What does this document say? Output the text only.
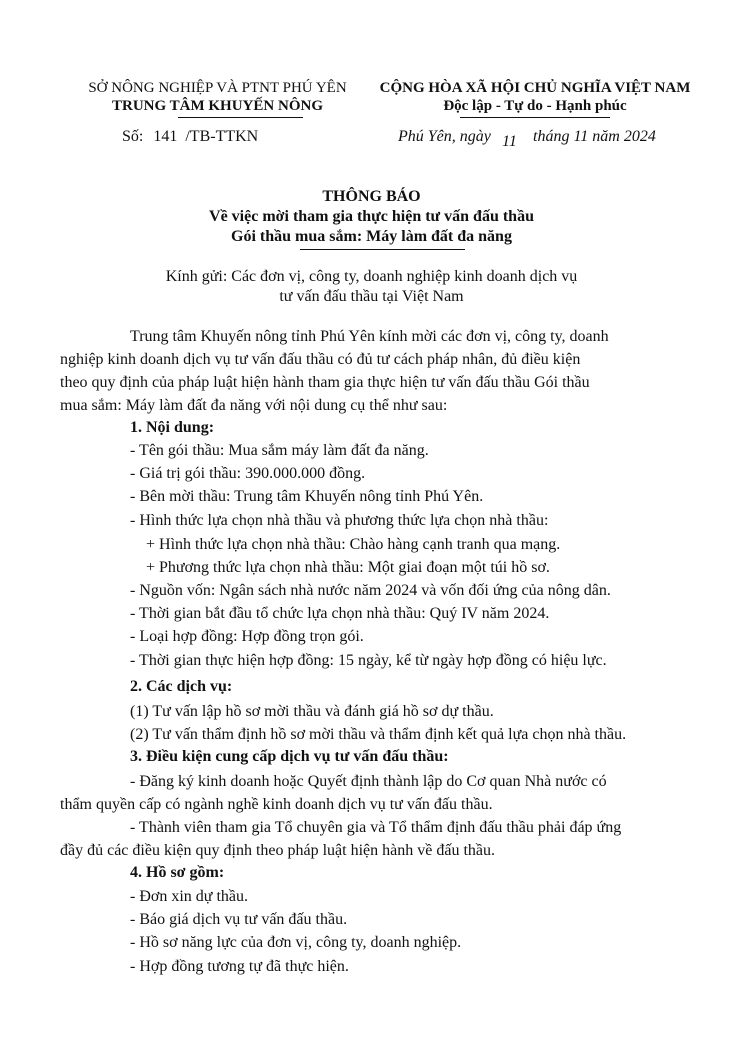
SỞ NÔNG NGHIỆP VÀ PTNT PHÚ YÊN
TRUNG TÂM KHUYẾN NÔNG
Số: 141 /TB-TTKN
CỘNG HÒA XÃ HỘI CHỦ NGHĨA VIỆT NAM
Độc lập - Tự do - Hạnh phúc
Phú Yên, ngày 11 tháng 11 năm 2024
THÔNG BÁO
Về việc mời tham gia thực hiện tư vấn đấu thầu
Gói thầu mua sắm: Máy làm đất đa năng
Kính gửi: Các đơn vị, công ty, doanh nghiệp kinh doanh dịch vụ
tư vấn đấu thầu tại Việt Nam
Trung tâm Khuyến nông tỉnh Phú Yên kính mời các đơn vị, công ty, doanh
nghiệp kinh doanh dịch vụ tư vấn đấu thầu có đủ tư cách pháp nhân, đủ điều kiện
theo quy định của pháp luật hiện hành tham gia thực hiện tư vấn đấu thầu Gói thầu
mua sắm: Máy làm đất đa năng với nội dung cụ thể như sau:
1. Nội dung:
- Tên gói thầu: Mua sắm máy làm đất đa năng.
- Giá trị gói thầu: 390.000.000 đồng.
- Bên mời thầu: Trung tâm Khuyến nông tỉnh Phú Yên.
- Hình thức lựa chọn nhà thầu và phương thức lựa chọn nhà thầu:
+ Hình thức lựa chọn nhà thầu: Chào hàng cạnh tranh qua mạng.
+ Phương thức lựa chọn nhà thầu: Một giai đoạn một túi hồ sơ.
- Nguồn vốn: Ngân sách nhà nước năm 2024 và vốn đối ứng của nông dân.
- Thời gian bắt đầu tổ chức lựa chọn nhà thầu: Quý IV năm 2024.
- Loại hợp đồng: Hợp đồng trọn gói.
- Thời gian thực hiện hợp đồng: 15 ngày, kể từ ngày hợp đồng có hiệu lực.
2. Các dịch vụ:
(1) Tư vấn lập hồ sơ mời thầu và đánh giá hồ sơ dự thầu.
(2) Tư vấn thẩm định hồ sơ mời thầu và thẩm định kết quả lựa chọn nhà thầu.
3. Điều kiện cung cấp dịch vụ tư vấn đấu thầu:
- Đăng ký kinh doanh hoặc Quyết định thành lập do Cơ quan Nhà nước có
thẩm quyền cấp có ngành nghề kinh doanh dịch vụ tư vấn đấu thầu.
- Thành viên tham gia Tổ chuyên gia và Tổ thẩm định đấu thầu phải đáp ứng
đầy đủ các điều kiện quy định theo pháp luật hiện hành về đấu thầu.
4. Hồ sơ gồm:
- Đơn xin dự thầu.
- Báo giá dịch vụ tư vấn đấu thầu.
- Hồ sơ năng lực của đơn vị, công ty, doanh nghiệp.
- Hợp đồng tương tự đã thực hiện.
